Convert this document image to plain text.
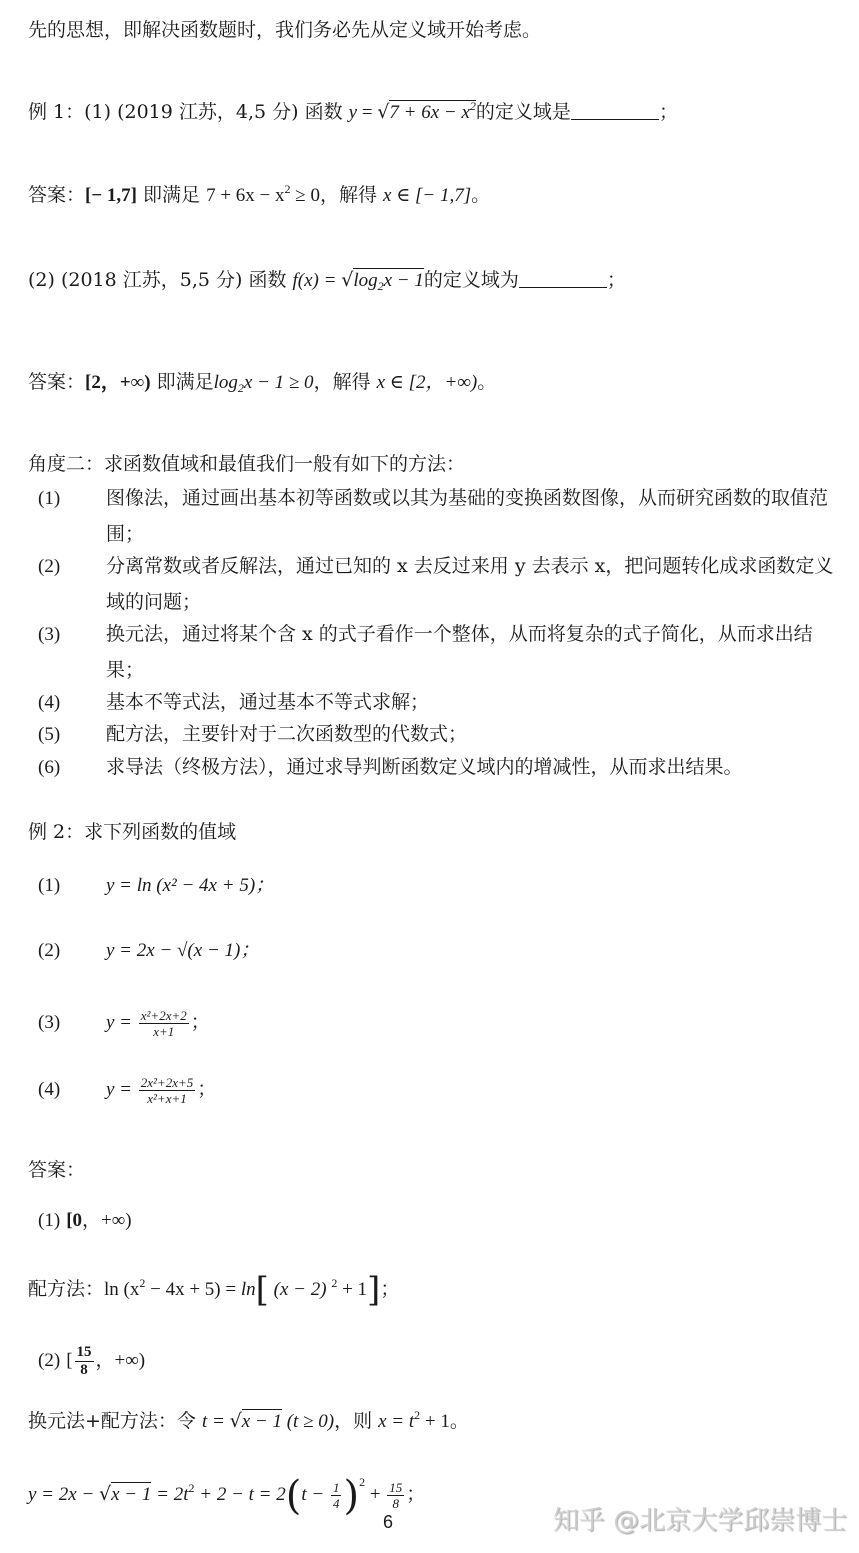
先的思想，即解决函数题时，我们务必先从定义域开始考虑。
例 1：(1) (2019 江苏，4,5 分) 函数 $y = √7 + 6x - x^2$的定义域是	；
答案：[− 1,7] 即满足 $7 + 6x - x^2 \ge 0$，解得 x ∈ [− 1,7]。
(2) (2018 江苏，5,5 分) 函数 $f(x) = √\log_2x - 1$的定义域为	；
答案：[2，+∞) 即满足$\log_2x - 1 \ge 0$，解得 x ∈ [2，+∞)。
角度二：求函数值域和最值我们一般有如下的方法：
(1) 图像法，通过画出基本初等函数或以其为基础的变换函数图像，从而研究函数的取值范围；
(2) 分离常数或者反解法，通过已知的 x 去反过来用 y 去表示 x，把问题转化成求函数定义域的问题；
(3) 换元法，通过将某个含 x 的式子看作一个整体，从而将复杂的式子简化，从而求出结果；
(4) 基本不等式法，通过基本不等式求解；
(5) 配方法，主要针对于二次函数型的代数式；
(6) 求导法（终极方法），通过求导判断函数定义域内的增减性，从而求出结果。
例 2：求下列函数的值域
(1) y = ln (x² − 4x + 5)；
(2) y = 2x − √(x − 1)；
(3) $y = \frac{\text{x²+2x+2}}{x+1}$ ；
(4) $y = \frac{\text{2x²+2x+5}}{\text{x²+x+1}}$ ；
答案：
(1) [0，+∞)
配方法：$\ln (x^2 - 4x + 5) = \ln$[ (x − 2) $^2$ + 1]；
(2) [ $\frac{15}{8}$ ，+∞)
换元法+配方法：令 t = √x − 1 (t ≥ 0)，则 $x = t^2 + 1$。
$y = 2x - √x - 1 = 2t^2 + 2 - t = 2(t - \frac{1}{4} )^2 + \frac{15}{8}$ ；
6	知乎 @北京大学邱崇博士
